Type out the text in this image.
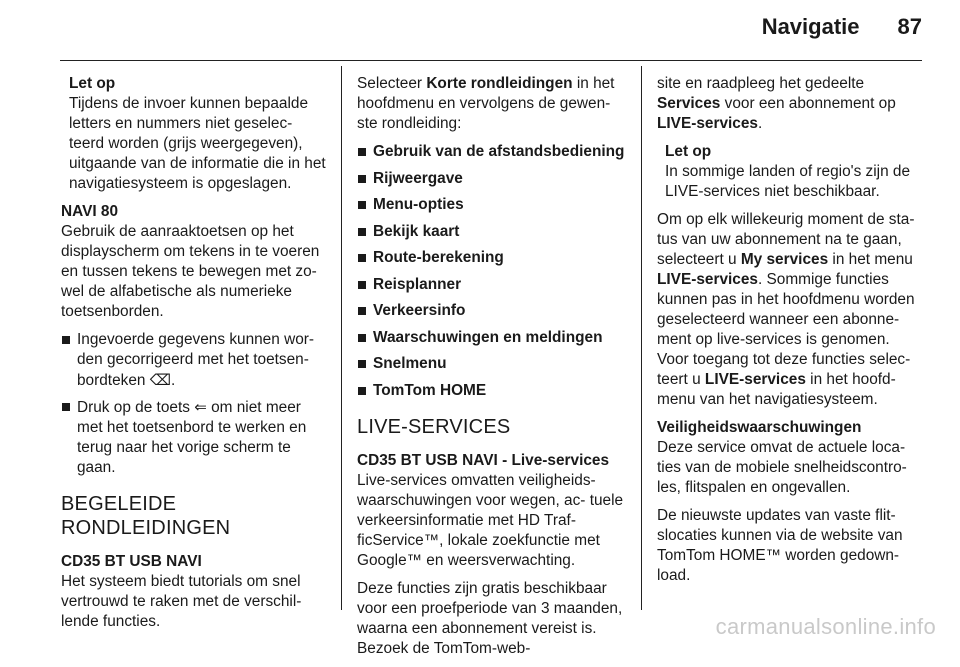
Navigatie 87
Let op
Tijdens de invoer kunnen bepaalde letters en nummers niet geselec- teerd worden (grijs weergegeven), uitgaande van de informatie die in het navigatiesysteem is opgeslagen.

NAVI 80
Gebruik de aanraaktoetsen op het displayscherm om tekens in te voeren en tussen tekens te bewegen met zo- wel de alfabetische als numerieke toetsenborden.

Ingevoerde gegevens kunnen wor- den gecorrigeerd met het toetsen- bordteken ⌫.
Druk op de toets ⇐ om niet meer met het toetsenbord te werken en terug naar het vorige scherm te gaan.
BEGELEIDE
RONDLEIDINGEN

CD35 BT USB NAVI
Het systeem biedt tutorials om snel vertrouwd te raken met de verschil- lende functies.

Selecteer Korte rondleidingen in het hoofdmenu en vervolgens de gewen- ste rondleiding:

Gebruik van de afstandsbediening
Rijweergave
Menu-opties
Bekijk kaart
Route-berekening
Reisplanner
Verkeersinfo
Waarschuwingen en meldingen
Snelmenu
TomTom HOME
LIVE-SERVICES

CD35 BT USB NAVI - Live-services
Live-services omvatten veiligheids- waarschuwingen voor wegen, ac- tuele verkeersinformatie met HD Traf- ficService™, lokale zoekfunctie met Google™ en weersverwachting.

Deze functies zijn gratis beschikbaar voor een proefperiode van 3 maanden, waarna een abonnement vereist is. Bezoek de TomTom-web-

site en raadpleeg het gedeelte Services voor een abonnement op LIVE-services.

Let op
In sommige landen of regio's zijn de LIVE-services niet beschikbaar.

Om op elk willekeurig moment de sta- tus van uw abonnement na te gaan, selecteert u My services in het menu LIVE-services. Sommige functies kunnen pas in het hoofdmenu worden geselecteerd wanneer een abonne- ment op live-services is genomen. Voor toegang tot deze functies selec- teert u LIVE-services in het hoofd- menu van het navigatiesysteem.

Veiligheidswaarschuwingen
Deze service omvat de actuele loca- ties van de mobiele snelheidscontro- les, flitspalen en ongevallen.

De nieuwste updates van vaste flit- slocaties kunnen via de website van TomTom HOME™ worden gedown- load.

carmanualsonline.info
